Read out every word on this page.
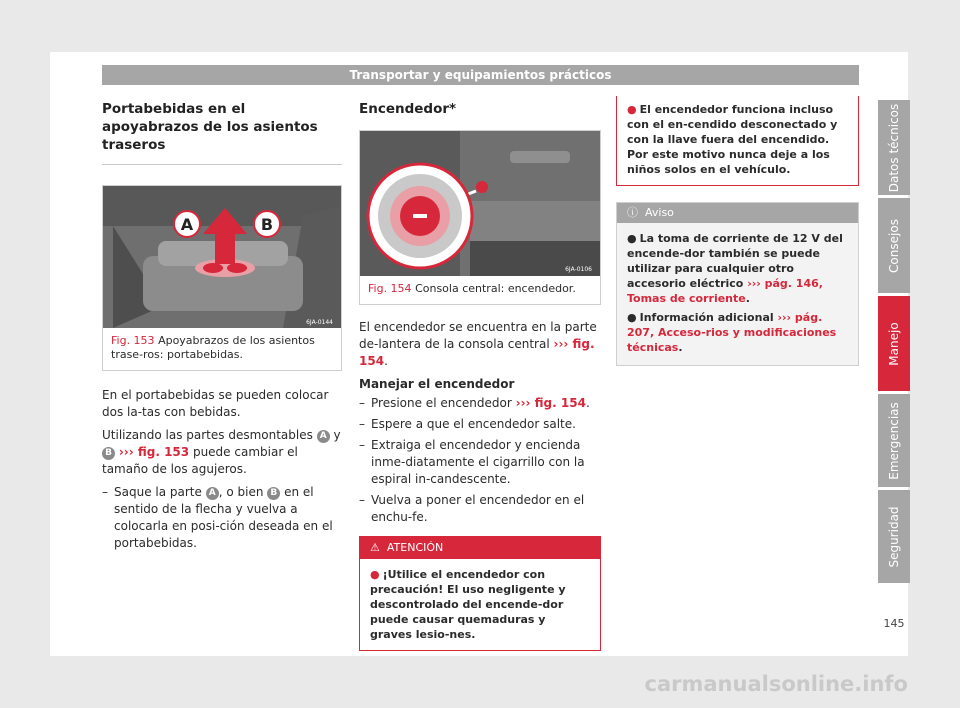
Transportar y equipamientos prácticos
Portabebidas en el apoyabrazos de los asientos traseros
A	B
6JA-0144
Fig. 153 Apoyabrazos de los asientos trase-ros: portabebidas.

En el portabebidas se pueden colocar dos la-tas con bebidas.

Utilizando las partes desmontables A y B ››› fig. 153 puede cambiar el tamaño de los agujeros.

– Saque la parte A , o bien B en el sentido de la flecha y vuelva a colocarla en posi-ción deseada en el portabebidas.
Encendedor*
6JA-0106
Fig. 154 Consola central: encendedor.

El encendedor se encuentra en la parte de-lantera de la consola central ››› fig. 154.

Manejar el encendedor

– Presione el encendedor ››› fig. 154.
– Espere a que el encendedor salte.
– Extraiga el encendedor y encienda inme-diatamente el cigarrillo con la espiral in-candescente.
– Vuelva a poner el encendedor en el enchu-fe.
⚠ ATENCIÓN
● ¡Utilice el encendedor con precaución! El uso negligente y descontrolado del encende-dor puede causar quemaduras y graves lesio-nes.
● El encendedor funciona incluso con el en-cendido desconectado y con la llave fuera del encendido. Por este motivo nunca deje a los niños solos en el vehículo.
ⓘ Aviso

● La toma de corriente de 12 V del encende-dor también se puede utilizar para cualquier otro accesorio eléctrico ››› pág. 146, Tomas de corriente.

● Información adicional ››› pág. 207, Acceso-rios y modificaciones técnicas.

Datos técnicos
Consejos
Manejo
Emergencias
Seguridad
145
carmanualsonline.info
